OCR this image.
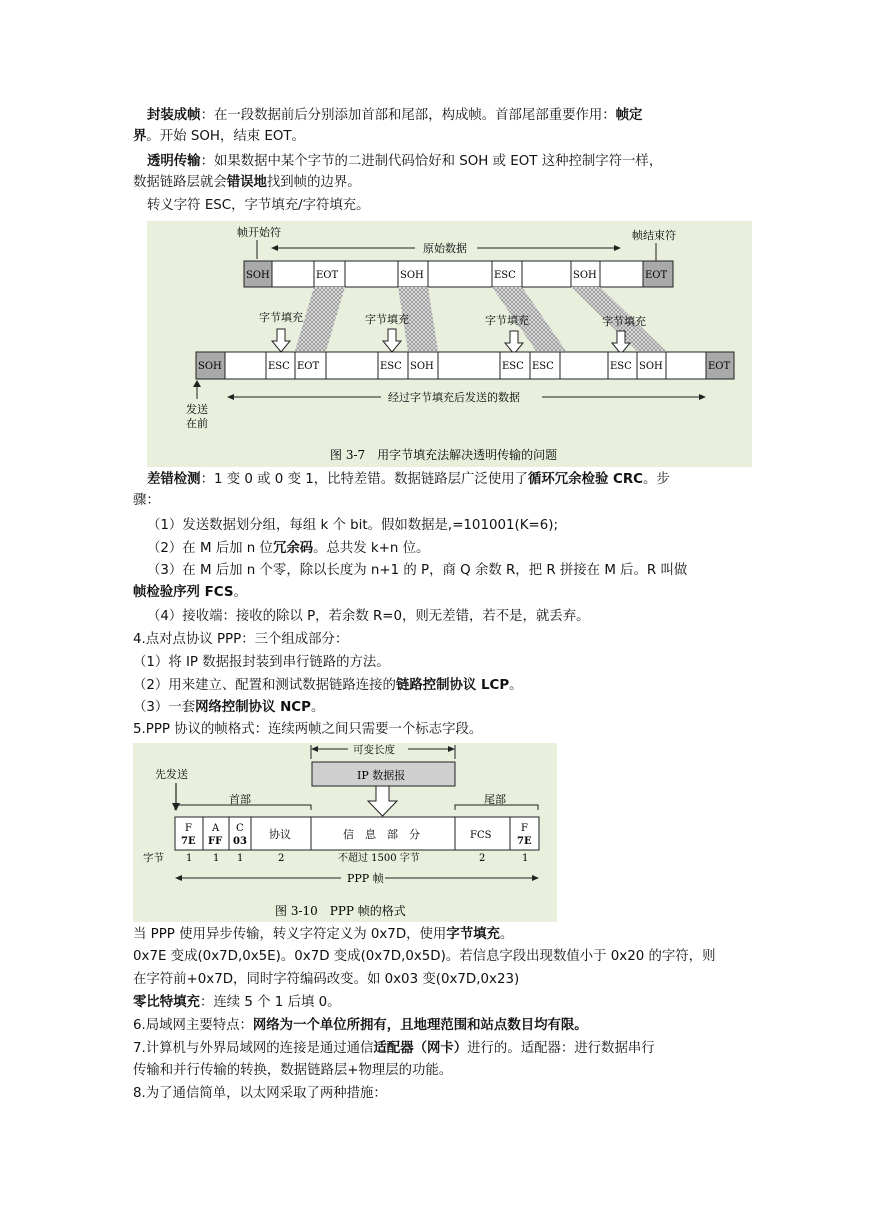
封装成帧：在一段数据前后分别添加首部和尾部，构成帧。首部尾部重要作用：帧定
界。开始 SOH，结束 EOT。
透明传输：如果数据中某个字节的二进制代码恰好和 SOH 或 EOT 这种控制字符一样，
数据链路层就会错误地找到帧的边界。
转义字符 ESC，字节填充/字符填充。
帧开始符	帧结束符
原始数据
SOH	EOT	SOH	ESC	SOH	EOT
字节填充	字节填充	字节填充	字节填充
SOH	ESC EOT	ESC SOH	ESC ESC	ESC SOH	EOT
发送
在前
经过字节填充后发送的数据
图 3-7　用字节填充法解决透明传输的问题
差错检测：1 变 0 或 0 变 1，比特差错。数据链路层广泛使用了循环冗余检验 CRC。步
骤：
（1）发送数据划分组，每组 k 个 bit。假如数据是,=101001(K=6);
（2）在 M 后加 n 位冗余码。总共发 k+n 位。
（3）在 M 后加 n 个零，除以长度为 n+1 的 P，商 Q 余数 R，把 R 拼接在 M 后。R 叫做
帧检验序列 FCS。
（4）接收端：接收的除以 P，若余数 R=0，则无差错，若不是，就丢弃。
4.点对点协议 PPP：三个组成部分：
（1）将 IP 数据报封装到串行链路的方法。
（2）用来建立、配置和测试数据链路连接的链路控制协议 LCP。
（3）一套网络控制协议 NCP。
5.PPP 协议的帧格式：连续两帧之间只需要一个标志字段。
可变长度
IP 数据报
先发送
首部	尾部
F
7E
A
FF
C
03
协议	信　息　部　分	FCS
F
7E
字节 1 1 1	2	不超过 1500 字节	2	1
PPP 帧
图 3-10　PPP 帧的格式
当 PPP 使用异步传输，转义字符定义为 0x7D，使用字节填充。
0x7E 变成(0x7D,0x5E)。0x7D 变成(0x7D,0x5D)。若信息字段出现数值小于 0x20 的字符，则
在字符前+0x7D，同时字符编码改变。如 0x03 变(0x7D,0x23)
零比特填充：连续 5 个 1 后填 0。
6.局域网主要特点：网络为一个单位所拥有，且地理范围和站点数目均有限。
7.计算机与外界局域网的连接是通过通信适配器（网卡）进行的。适配器：进行数据串行
传输和并行传输的转换，数据链路层+物理层的功能。
8.为了通信简单，以太网采取了两种措施：
